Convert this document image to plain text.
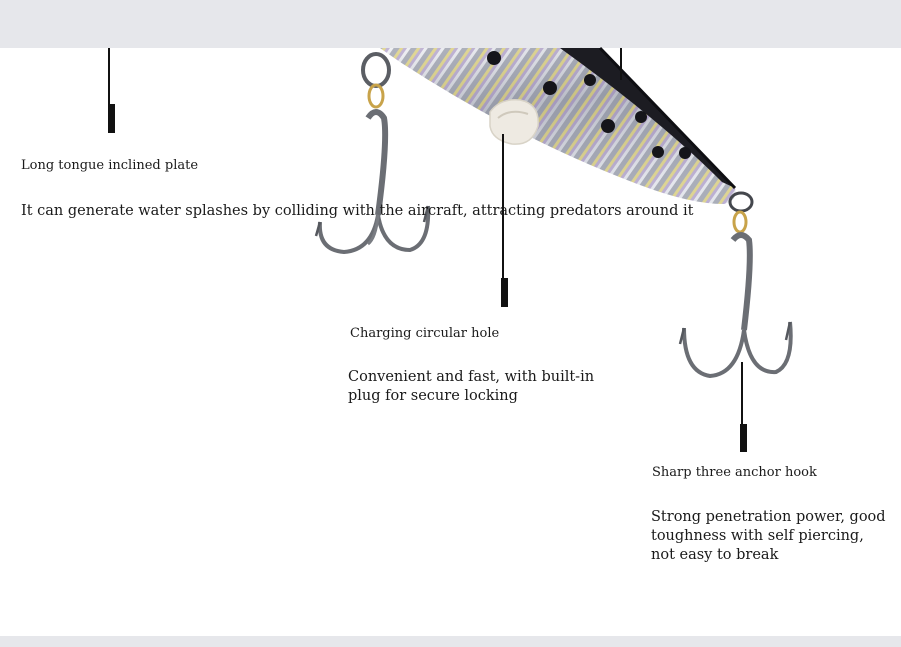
Long tongue inclined plate
It can generate water splashes by colliding with the aircraft, attracting predators around it
Charging circular hole
Convenient and fast, with built-in plug for secure locking
Sharp three anchor hook
Strong penetration power, good toughness with self piercing, not easy to break
